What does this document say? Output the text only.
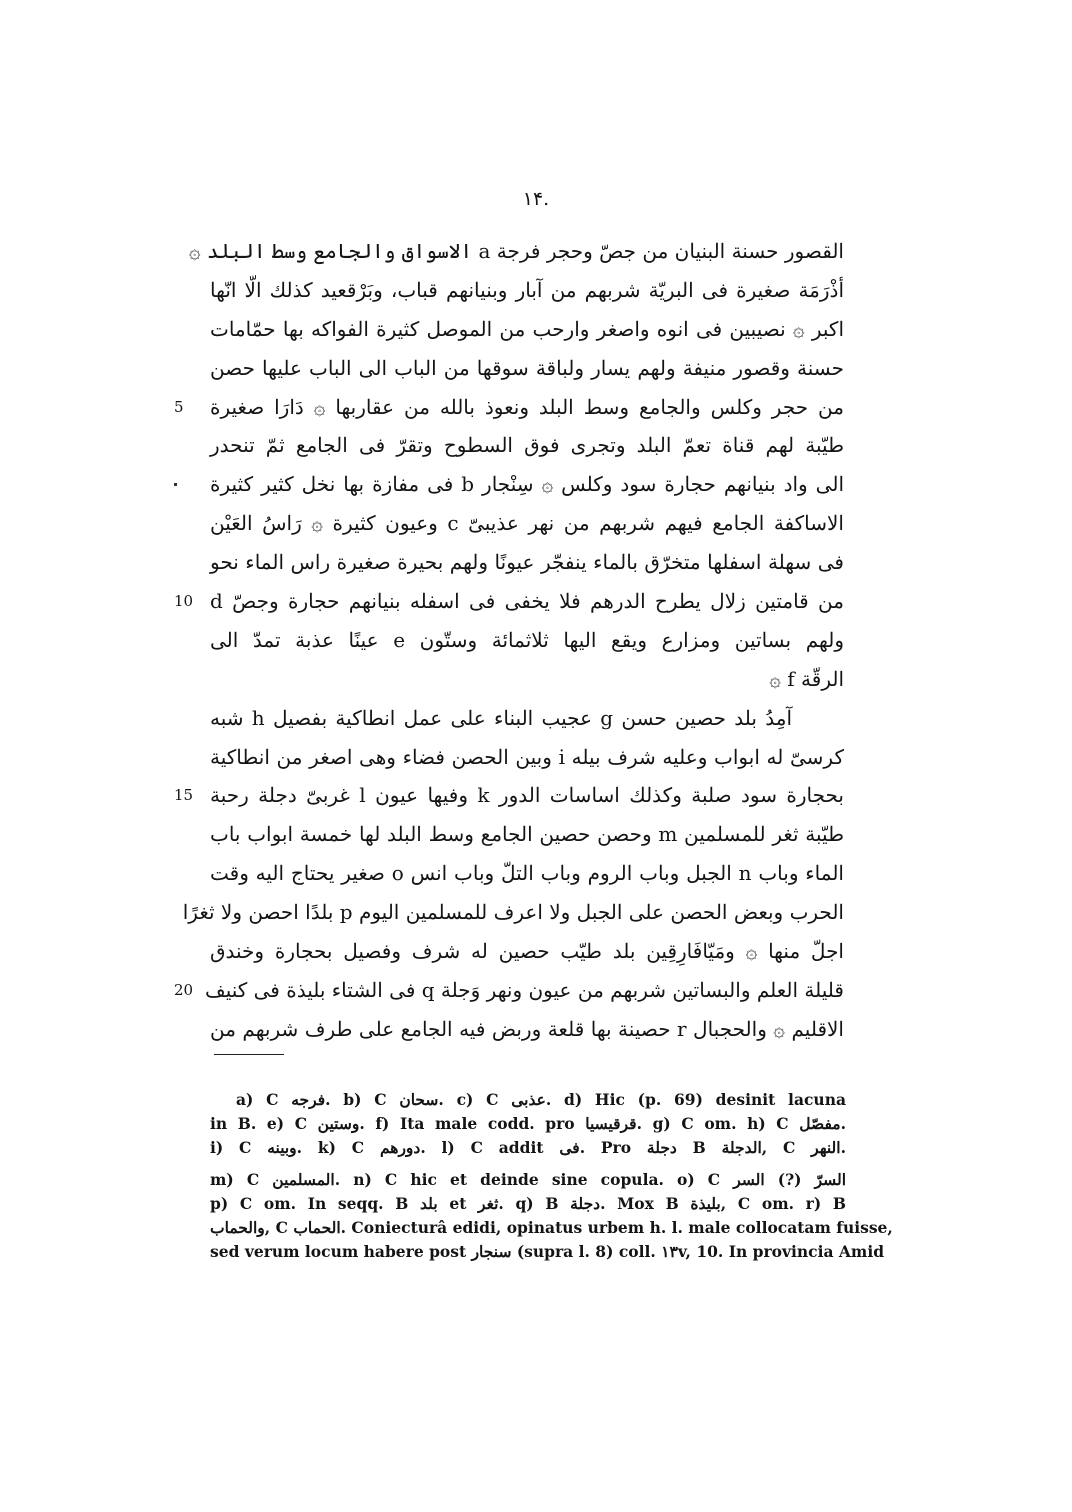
۱۴.
القصور حسنة البنيان من جصّ وحجر فرجة a الاسواق والجامع وسط البلد ۞
أذْرَمَة صغيرة فى البريّة شربهم من آبار وبنيانهم قباب، وبَرْقعيد كذلك الّا انّها
اكبر ۞ نصيبين فى انوه واصغر وارحب من الموصل كثيرة الفواكه بها حمّامات
حسنة وقصور منيفة ولهم يسار ولباقة سوقها من الباب الى الباب عليها حصن
من حجر وكلس والجامع وسط البلد ونعوذ بالله من عقاربها ۞ دَارَا صغيرة
5
طيّبة لهم قناة تعمّ البلد وتجرى فوق السطوح وتقرّ فى الجامع ثمّ تنحدر
الى واد بنيانهم حجارة سود وكلس ۞ سِنْجار b فى مفازة بها نخل كثير كثيرة
الاساكفة الجامع فيهم شربهم من نهر عذيبىّ c وعيون كثيرة ۞ رَاسُ العَيْن
فى سهلة اسفلها متخرّق بالماء ينفجّر عيونًا ولهم بحيرة صغيرة راس الماء نحو
من قامتين زلال يطرح الدرهم فلا يخفى فى اسفله بنيانهم حجارة وجصّ d
10
ولهم بساتين ومزارع ويقع اليها ثلاثمائة وستّون e عينًا عذبة تمدّ الى
الرقّة f ۞
آمِدُ بلد حصين حسن g عجيب البناء على عمل انطاكية بفصيل h شبه
كرسىّ له ابواب وعليه شرف بيله i وبين الحصن فضاء وهى اصغر من انطاكية
بحجارة سود صلبة وكذلك اساسات الدور k وفيها عيون l غربىّ دجلة رحبة
15
طيّبة ثغر للمسلمين m وحصن حصين الجامع وسط البلد لها خمسة ابواب باب
الماء وباب n الجبل وباب الروم وباب التلّ وباب انس o صغير يحتاج اليه وقت
الحرب وبعض الحصن على الجبل ولا اعرف للمسلمين اليوم p بلدًا احصن ولا ثغرًا
اجلّ منها ۞ ومَيّافَارِقِين بلد طيّب حصين له شرف وفصيل بحجارة وخندق
قليلة العلم والبساتين شربهم من عيون ونهر وَجلة q فى الشتاء بليذة فى كنيف
20
الاقليم ۞ والحجبال r حصينة بها قلعة وربض فيه الجامع على طرف شربهم من
a) C فرجه. b) C سحان. c) C عذبى. d) Hic (p. 69) desinit lacuna
in B. e) C وستين. f) Ita male codd. pro قرقيسيا. g) C om. h) C مفصّل.
i) C وبينه. k) C دورهم. l) C addit فى. Pro دجلة B الدجلة, C النهر.
m) C المسلمين. n) C hic et deinde sine copula. o) C السرّ (?) السر
p) C om. In seqq. B بلد et ثغر. q) B دجلة. Mox B بليذة, C om. r) B
والحماب, C الحماب. Coniecturâ edidi, opinatus urbem h. l. male collocatam fuisse,
sed verum locum habere post سنجار (supra l. 8) coll. ۱۳v, 10. In provincia Amid
